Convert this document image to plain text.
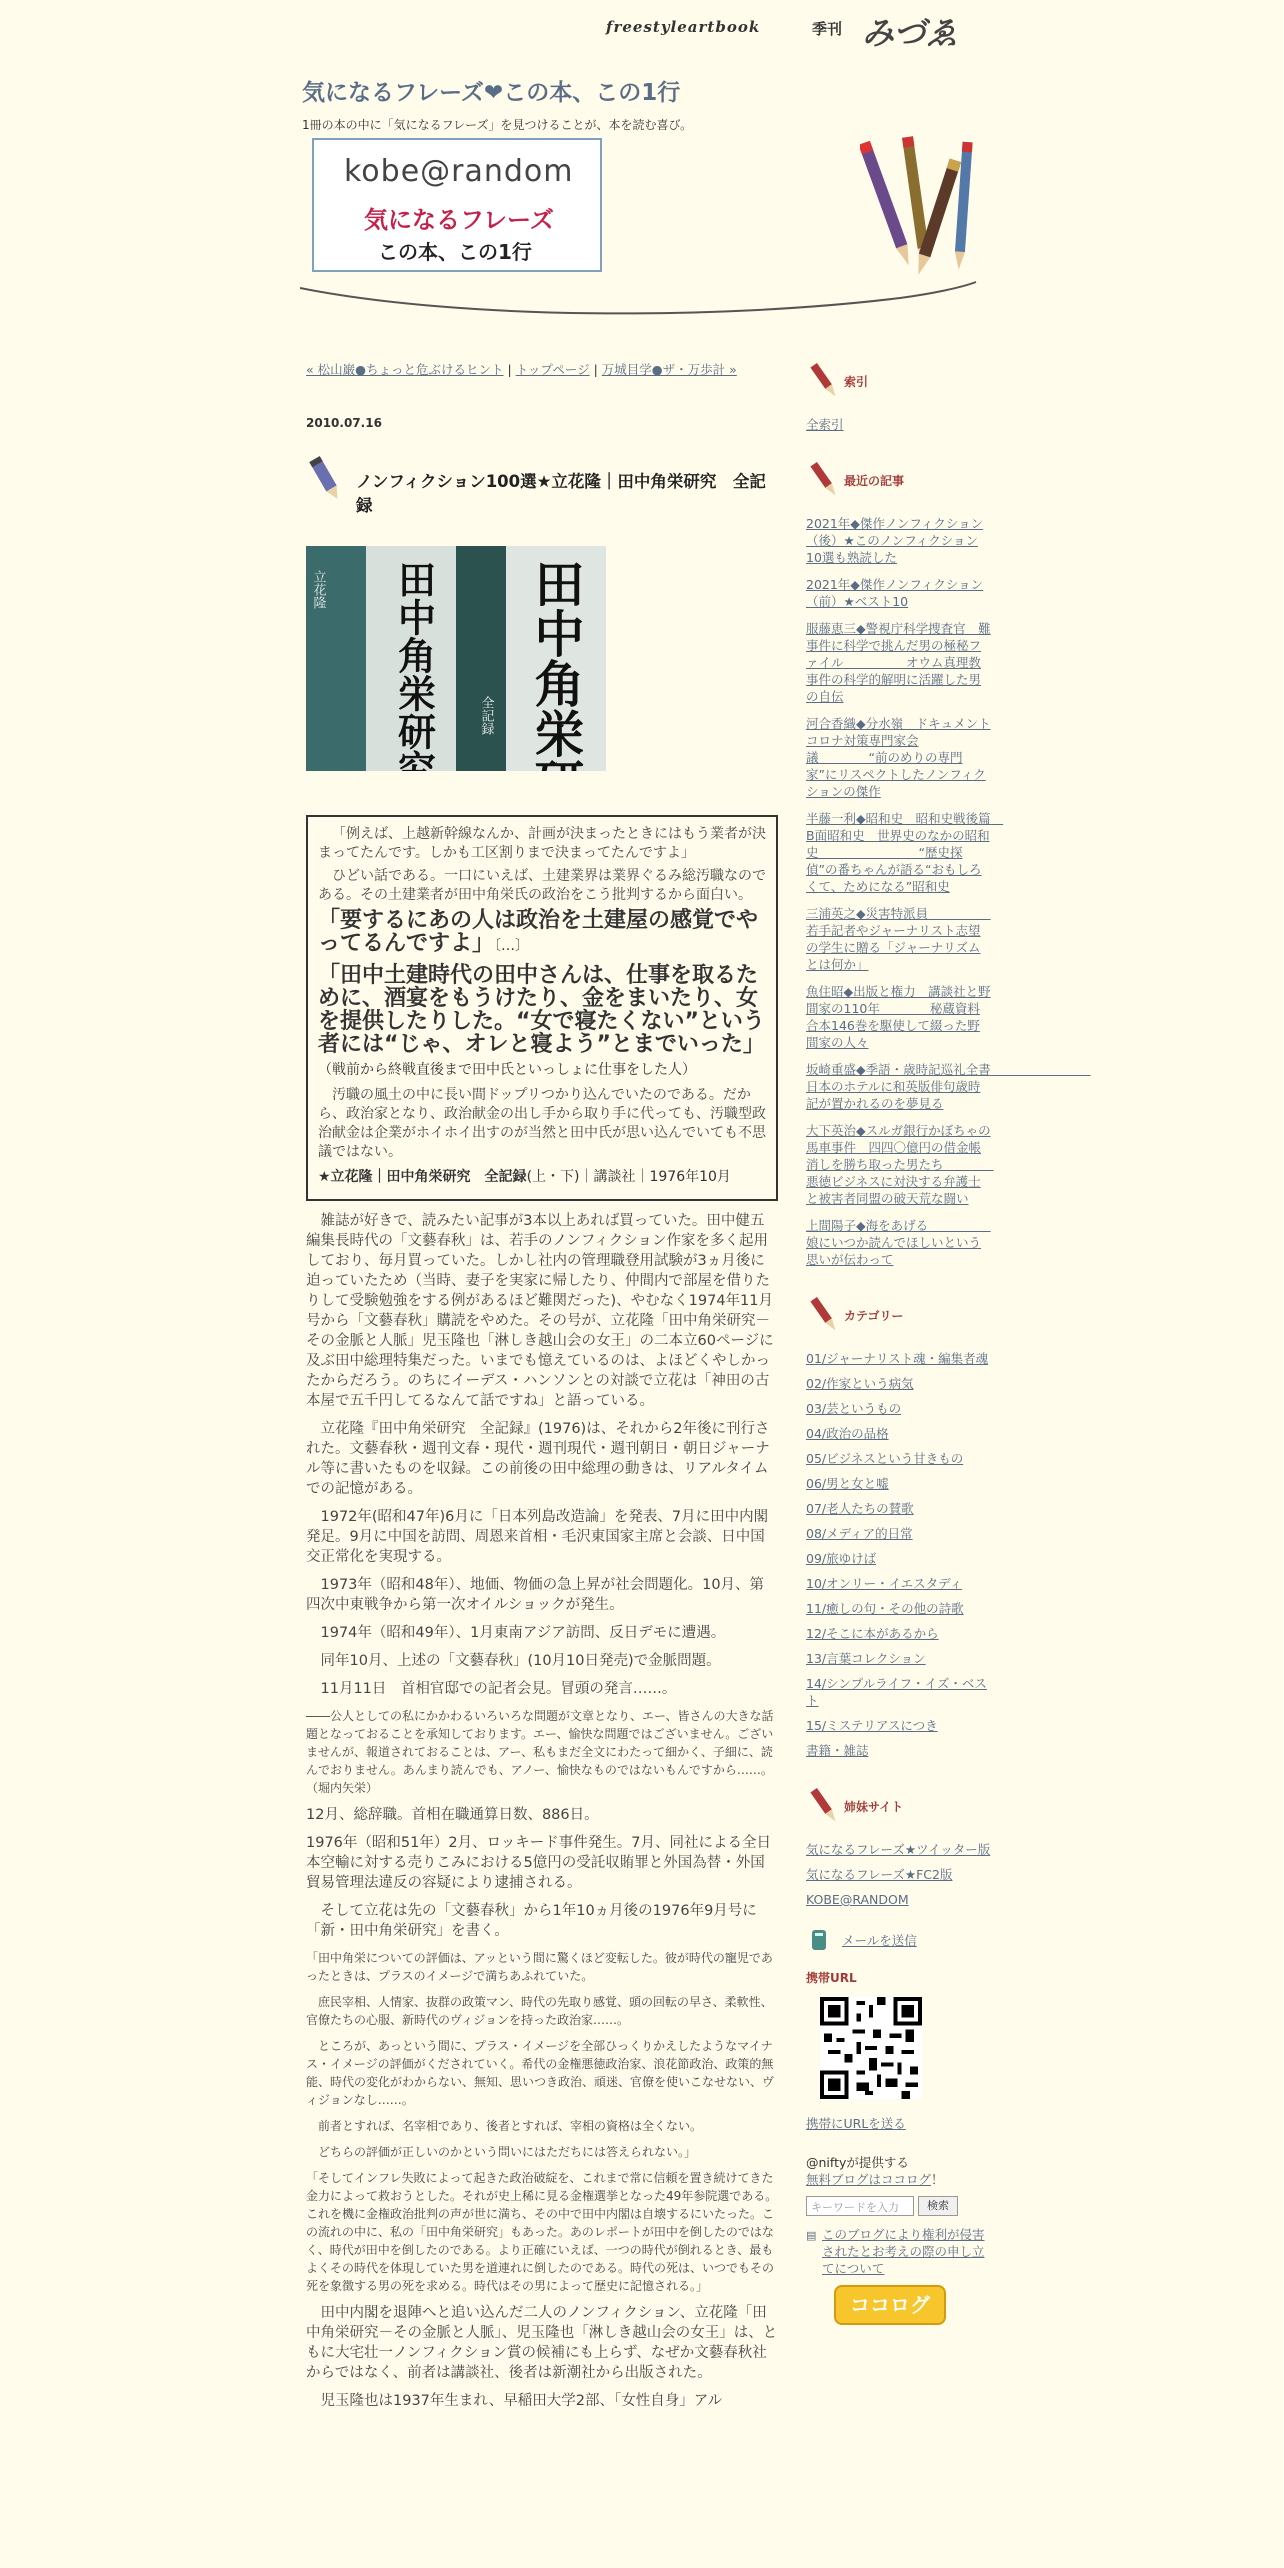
freestyleartbook	季刊 みづゑ
気になるフレーズ❤この本、この1行
1冊の本の中に「気になるフレーズ」を見つけることが、本を読む喜び。
kobe@random
気になるフレーズ
この本、この1行
« 松山巌●ちょっと危ぶけるヒント | トップページ | 万城目学●ザ・万歩計 »
2010.07.16
ノンフィクション100選★立花隆｜田中角栄研究　全記録
立花隆 田中角栄研究 田中角栄研究
全記録

「例えば、上越新幹線なんか、計画が決まったときにはもう業者が決まってたんです。しかも工区割りまで決まってたんですよ」

ひどい話である。一口にいえば、土建業界は業界ぐるみ総汚職なのである。その土建業者が田中角栄氏の政治をこう批判するから面白い。

「要するにあの人は政治を土建屋の感覚でやってるんですよ」〔…〕

「田中土建時代の田中さんは、仕事を取るために、酒宴をもうけたり、金をまいたり、女を提供したりした。“女で寝たくない”という者には“じゃ、オレと寝よう”とまでいった」（戦前から終戦直後まで田中氏といっしょに仕事をした人）

汚職の風土の中に長い間ドップリつかり込んでいたのである。だから、政治家となり、政治献金の出し手から取り手に代っても、汚職型政治献金は企業がホイホイ出すのが当然と田中氏が思い込んでいても不思議ではない。

★立花隆｜田中角栄研究　全記録(上・下)｜講談社｜1976年10月

雑誌が好きで、読みたい記事が3本以上あれば買っていた。田中健五編集長時代の「文藝春秋」は、若手のノンフィクション作家を多く起用しており、毎月買っていた。しかし社内の管理職登用試験が3ヵ月後に迫っていたため（当時、妻子を実家に帰したり、仲間内で部屋を借りたりして受験勉強をする例があるほど難関だった)、やむなく1974年11月号から「文藝春秋」購読をやめた。その号が、立花隆「田中角栄研究－その金脈と人脈」児玉隆也「淋しき越山会の女王」の二本立60ページに及ぶ田中総理特集だった。いまでも憶えているのは、よほどくやしかったからだろう。のちにイーデス・ハンソンとの対談で立花は「神田の古本屋で五千円してるなんて話ですね」と語っている。

立花隆『田中角栄研究　全記録』(1976)は、それから2年後に刊行された。文藝春秋・週刊文春・現代・週刊現代・週刊朝日・朝日ジャーナル等に書いたものを収録。この前後の田中総理の動きは、リアルタイムでの記憶がある。

1972年(昭和47年)6月に「日本列島改造論」を発表、7月に田中内閣発足。9月に中国を訪問、周恩来首相・毛沢東国家主席と会談、日中国交正常化を実現する。

1973年（昭和48年）、地価、物価の急上昇が社会問題化。10月、第四次中東戦争から第一次オイルショックが発生。

1974年（昭和49年）、1月東南アジア訪問、反日デモに遭遇。

同年10月、上述の「文藝春秋」(10月10日発売)で金脈問題。

11月11日　首相官邸での記者会見。冒頭の発言……。

――公人としての私にかかわるいろいろな問題が文章となり、エー、皆さんの大きな話題となっておることを承知しております。エー、愉快な問題ではございません。ございませんが、報道されておることは、アー、私もまだ全文にわたって細かく、子細に、読んでおりません。あんまり読んでも、アノー、愉快なものではないもんですから……。（堀内矢栄）

12月、総辞職。首相在職通算日数、886日。

1976年（昭和51年）2月、ロッキード事件発生。7月、同社による全日本空輸に対する売りこみにおける5億円の受託収賄罪と外国為替・外国貿易管理法違反の容疑により逮捕される。

そして立花は先の「文藝春秋」から1年10ヵ月後の1976年9月号に「新・田中角栄研究」を書く。

「田中角栄についての評価は、アッという間に驚くほど変転した。彼が時代の寵児であったときは、プラスのイメージで満ちあふれていた。

庶民宰相、人情家、抜群の政策マン、時代の先取り感覚、頭の回転の早さ、柔軟性、官僚たちの心服、新時代のヴィジョンを持った政治家……。

ところが、あっという間に、プラス・イメージを全部ひっくりかえしたようなマイナス・イメージの評価がくだされていく。希代の金権悪徳政治家、浪花節政治、政策的無能、時代の変化がわからない、無知、思いつき政治、頑迷、官僚を使いこなせない、ヴィジョンなし……。

前者とすれば、名宰相であり、後者とすれば、宰相の資格は全くない。

どちらの評価が正しいのかという問いにはただちには答えられない。」

「そしてインフレ失敗によって起きた政治破綻を、これまで常に信頼を置き続けてきた金力によって救おうとした。それが史上稀に見る金権選挙となった49年参院選である。これを機に金権政治批判の声が世に満ち、その中で田中内閣は自壊するにいたった。この流れの中に、私の「田中角栄研究」もあった。あのレポートが田中を倒したのではなく、時代が田中を倒したのである。より正確にいえば、一つの時代が倒れるとき、最もよくその時代を体現していた男を道連れに倒したのである。時代の死は、いつでもその死を象徴する男の死を求める。時代はその男によって歴史に記憶される。」

田中内閣を退陣へと追い込んだ二人のノンフィクション、立花隆「田中角栄研究－その金脈と人脈」、児玉隆也「淋しき越山会の女王」は、ともに大宅壮一ノンフィクション賞の候補にも上らず、なぜか文藝春秋社からではなく、前者は講談社、後者は新潮社から出版された。

児玉隆也は1937年生まれ、早稲田大学2部、「女性自身」アル

索引
全索引
最近の記事
2021年◆傑作ノンフィクション（後）★このノンフィクション10選も熟読した
2021年◆傑作ノンフィクション（前）★ベスト10
服藤恵三◆警視庁科学捜査官　難事件に科学で挑んだ男の極秘ファイル　　　　　オウム真理教事件の科学的解明に活躍した男の自伝
河合香織◆分水嶺　ドキュメントコロナ対策専門家会議　　　　“前のめりの専門家”にリスペクトしたノンフィクションの傑作
半藤一利◆昭和史　昭和史戦後篇　B面昭和史　世界史のなかの昭和史　　　　　　　　“歴史探偵”の番ちゃんが語る“おもしろくて、ためになる”昭和史
三浦英之◆災害特派員　　　　　若手記者やジャーナリスト志望の学生に贈る「ジャーナリズムとは何か」
魚住昭◆出版と権力　講談社と野間家の110年　　　　秘蔵資料合本146巻を駆使して綴った野間家の人々
坂崎重盛◆季語・歳時記巡礼全書　　　　　　　　日本のホテルに和英版俳句歳時記が置かれるのを夢見る
大下英治◆スルガ銀行かぼちゃの馬車事件　四四〇億円の借金帳消しを勝ち取った男たち　　　　悪徳ビジネスに対決する弁護士と被害者同盟の破天荒な闘い
上間陽子◆海をあげる　　　　　娘にいつか読んでほしいという思いが伝わって
カテゴリー
01/ジャーナリスト魂・編集者魂
02/作家という病気
03/芸というもの
04/政治の品格
05/ビジネスという甘きもの
06/男と女と嘘
07/老人たちの賛歌
08/メディア的日常
09/旅ゆけば
10/オンリー・イエスタディ
11/癒しの句・その他の詩歌
12/そこに本があるから
13/言葉コレクション
14/シンプルライフ・イズ・ベスト
15/ミステリアスにつき
書籍・雑誌
姉妹サイト
気になるフレーズ★ツイッター版
気になるフレーズ★FC2版
KOBE@RANDOM
メールを送信
携帯URL
携帯にURLを送る
@niftyが提供する
無料ブログはココログ！
キーワードを入力	検索
▤ このブログにより権利が侵害されたとお考えの際の申し立てについて
ココログ
